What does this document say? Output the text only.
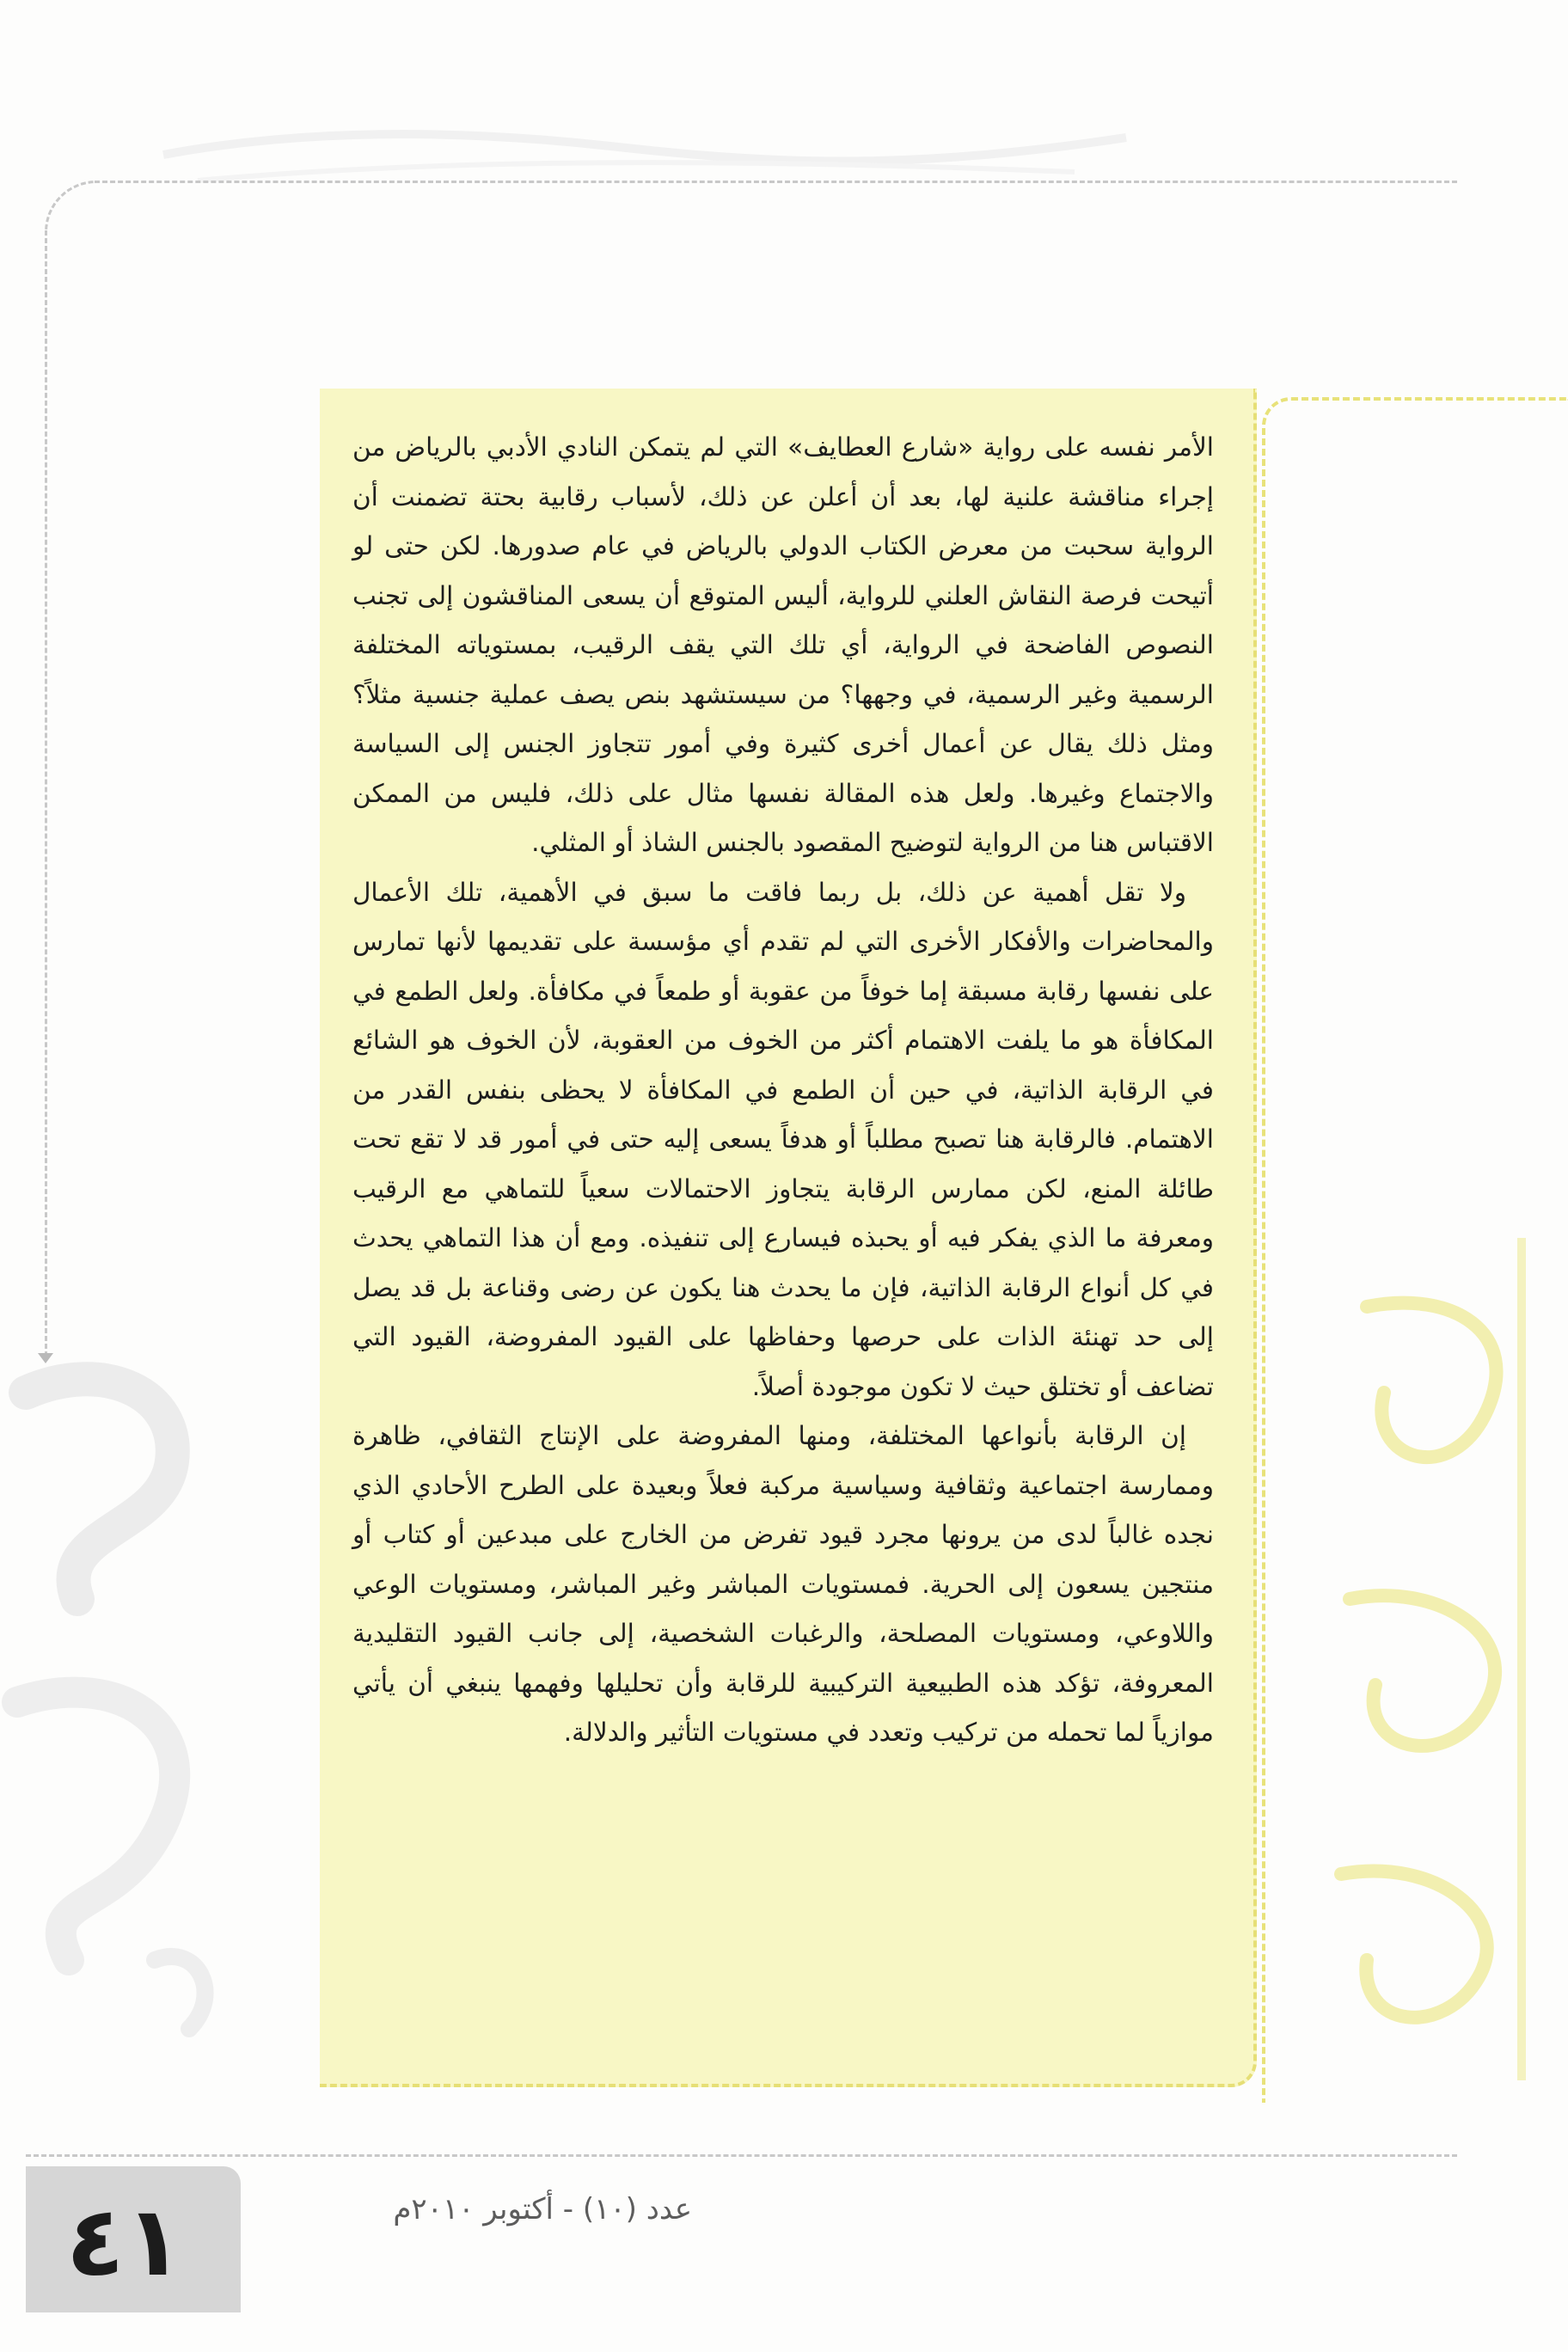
الأمر نفسه على رواية «شارع العطايف» التي لم يتمكن النادي الأدبي بالرياض من إجراء مناقشة علنية لها، بعد أن أعلن عن ذلك، لأسباب رقابية بحتة تضمنت أن الرواية سحبت من معرض الكتاب الدولي بالرياض في عام صدورها. لكن حتى لو أتيحت فرصة النقاش العلني للرواية، أليس المتوقع أن يسعى المناقشون إلى تجنب النصوص الفاضحة في الرواية، أي تلك التي يقف الرقيب، بمستوياته المختلفة الرسمية وغير الرسمية، في وجهها؟ من سيستشهد بنص يصف عملية جنسية مثلاً؟ ومثل ذلك يقال عن أعمال أخرى كثيرة وفي أمور تتجاوز الجنس إلى السياسة والاجتماع وغيرها. ولعل هذه المقالة نفسها مثال على ذلك، فليس من الممكن الاقتباس هنا من الرواية لتوضيح المقصود بالجنس الشاذ أو المثلي.

ولا تقل أهمية عن ذلك، بل ربما فاقت ما سبق في الأهمية، تلك الأعمال والمحاضرات والأفكار الأخرى التي لم تقدم أي مؤسسة على تقديمها لأنها تمارس على نفسها رقابة مسبقة إما خوفاً من عقوبة أو طمعاً في مكافأة. ولعل الطمع في المكافأة هو ما يلفت الاهتمام أكثر من الخوف من العقوبة، لأن الخوف هو الشائع في الرقابة الذاتية، في حين أن الطمع في المكافأة لا يحظى بنفس القدر من الاهتمام. فالرقابة هنا تصبح مطلباً أو هدفاً يسعى إليه حتى في أمور قد لا تقع تحت طائلة المنع، لكن ممارس الرقابة يتجاوز الاحتمالات سعياً للتماهي مع الرقيب ومعرفة ما الذي يفكر فيه أو يحبذه فيسارع إلى تنفيذه. ومع أن هذا التماهي يحدث في كل أنواع الرقابة الذاتية، فإن ما يحدث هنا يكون عن رضى وقناعة بل قد يصل إلى حد تهنئة الذات على حرصها وحفاظها على القيود المفروضة، القيود التي تضاعف أو تختلق حيث لا تكون موجودة أصلاً.

إن الرقابة بأنواعها المختلفة، ومنها المفروضة على الإنتاج الثقافي، ظاهرة وممارسة اجتماعية وثقافية وسياسية مركبة فعلاً وبعيدة على الطرح الأحادي الذي نجده غالباً لدى من يرونها مجرد قيود تفرض من الخارج على مبدعين أو كتاب أو منتجين يسعون إلى الحرية. فمستويات المباشر وغير المباشر، ومستويات الوعي واللاوعي، ومستويات المصلحة، والرغبات الشخصية، إلى جانب القيود التقليدية المعروفة، تؤكد هذه الطبيعية التركيبية للرقابة وأن تحليلها وفهمها ينبغي أن يأتي موازياً لما تحمله من تركيب وتعدد في مستويات التأثير والدلالة.

٤١	عدد (١٠) - أكتوبر ٢٠١٠م
